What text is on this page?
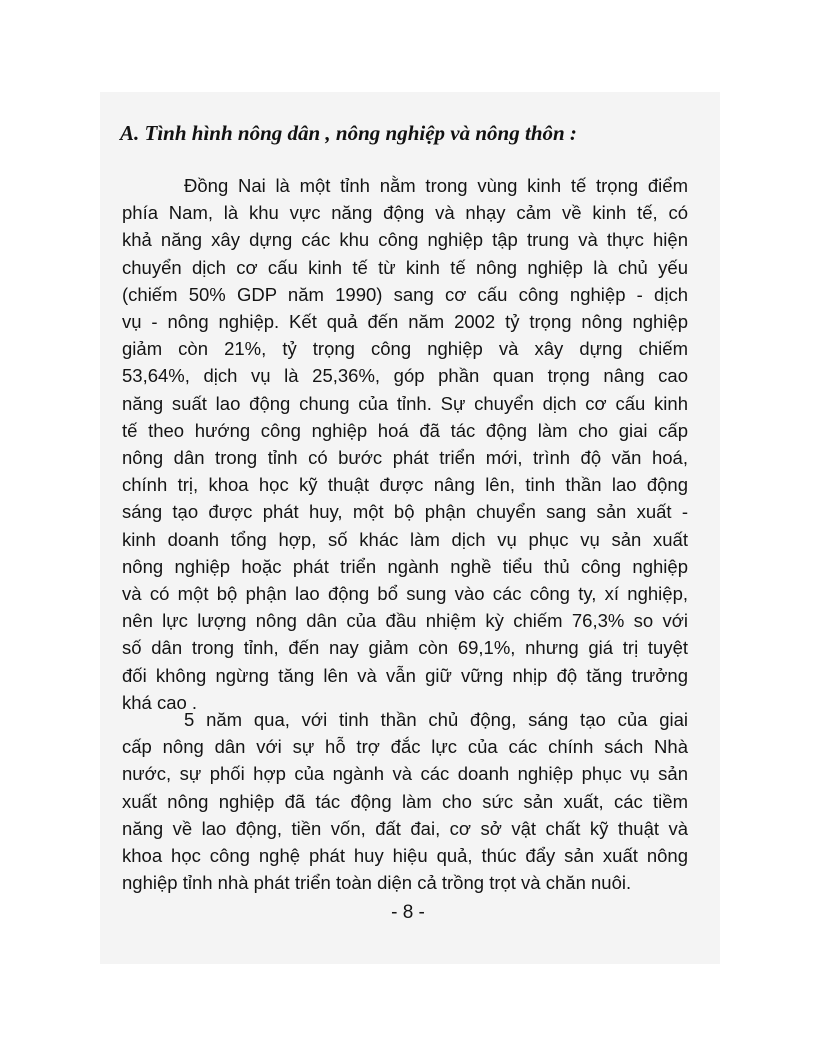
A. Tình hình nông dân , nông nghiệp và nông thôn :
Đồng Nai là một tỉnh nằm trong vùng kinh tế trọng điểm
phía Nam, là khu vực năng động và nhạy cảm về kinh tế, có
khả năng xây dựng các khu công nghiệp tập trung và thực hiện
chuyển dịch cơ cấu kinh tế từ kinh tế nông nghiệp là chủ yếu
(chiếm 50% GDP năm 1990) sang cơ cấu công nghiệp - dịch
vụ - nông nghiệp. Kết quả đến năm 2002 tỷ trọng nông nghiệp
giảm còn 21%, tỷ trọng công nghiệp và xây dựng chiếm
53,64%, dịch vụ là 25,36%, góp phần quan trọng nâng cao
năng suất lao động chung của tỉnh. Sự chuyển dịch cơ cấu kinh
tế theo hướng công nghiệp hoá đã tác động làm cho giai cấp
nông dân trong tỉnh có bước phát triển mới, trình độ văn hoá,
chính trị, khoa học kỹ thuật được nâng lên, tinh thần lao động
sáng tạo được phát huy, một bộ phận chuyển sang sản xuất -
kinh doanh tổng hợp, số khác làm dịch vụ phục vụ sản xuất
nông nghiệp hoặc phát triển ngành nghề tiểu thủ công nghiệp
và có một bộ phận lao động bổ sung vào các công ty, xí nghiệp,
nên lực lượng nông dân của đầu nhiệm kỳ chiếm 76,3% so với
số dân trong tỉnh, đến nay giảm còn 69,1%, nhưng giá trị tuyệt
đối không ngừng tăng lên và vẫn giữ vững nhịp độ tăng trưởng
khá cao .
5 năm qua, với tinh thần chủ động, sáng tạo của giai
cấp nông dân với sự hỗ trợ đắc lực của các chính sách Nhà
nước, sự phối hợp của ngành và các doanh nghiệp phục vụ sản
xuất nông nghiệp đã tác động làm cho sức sản xuất, các tiềm
năng về lao động, tiền vốn, đất đai, cơ sở vật chất kỹ thuật và
khoa học công nghệ phát huy hiệu quả, thúc đẩy sản xuất nông
nghiệp tỉnh nhà phát triển toàn diện cả trồng trọt và chăn nuôi.
- 8 -
